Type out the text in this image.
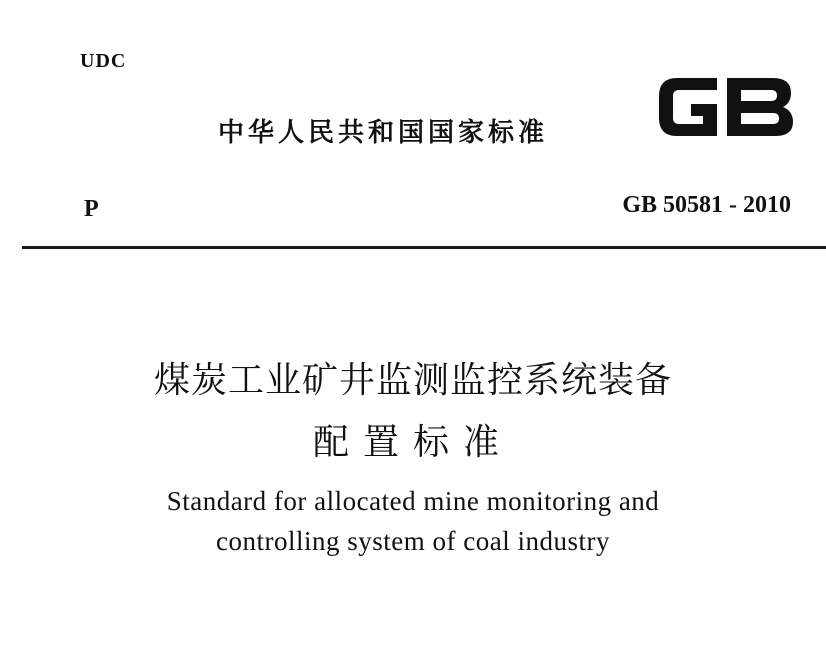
UDC
中华人民共和国国家标准
P	GB 50581 - 2010
煤炭工业矿井监测监控系统装备
配置标准
Standard for allocated mine monitoring and
controlling system of coal industry
